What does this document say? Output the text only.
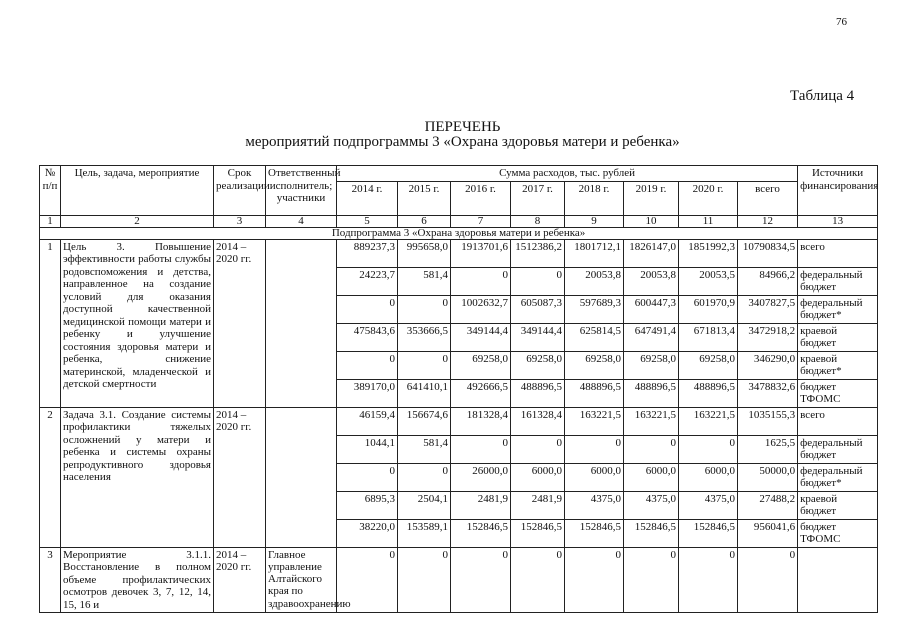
76
Таблица 4
ПЕРЕЧЕНЬ
мероприятий подпрограммы 3 «Охрана здоровья матери и ребенка»
№ п/п	Цель, задача, мероприятие	Срок реализации	Ответственный исполнитель; участники	Сумма расходов, тыс. рублей								Источники финансирования
				2014 г.	2015 г.	2016 г.	2017 г.	2018 г.	2019 г.	2020 г.	всего	
1	2	3	4	5	6	7	8	9	10	11	12	13
Подпрограмма 3 «Охрана здоровья матери и ребенка»												
1	Цель 3. Повышение эффективности работы службы родовспоможения и детства, направленное на создание условий для оказания доступной качественной медицинской помощи матери и ребенку и улучшение состояния здоровья матери и ребенка, снижение материнской, младенческой и детской смертности	2014 – 2020 гг.		889237,3	995658,0	1913701,6	1512386,2	1801712,1	1826147,0	1851992,3	10790834,5	всего
				24223,7	581,4	0	0	20053,8	20053,8	20053,5	84966,2	федеральный бюджет
				0	0	1002632,7	605087,3	597689,3	600447,3	601970,9	3407827,5	федеральный бюджет*
				475843,6	353666,5	349144,4	349144,4	625814,5	647491,4	671813,4	3472918,2	краевой бюджет
				0	0	69258,0	69258,0	69258,0	69258,0	69258,0	346290,0	краевой бюджет*
				389170,0	641410,1	492666,5	488896,5	488896,5	488896,5	488896,5	3478832,6	бюджет ТФОМС
2	Задача 3.1. Создание системы профилактики тяжелых осложнений у матери и ребенка и системы охраны репродуктивного здоровья населения	2014 – 2020 гг.		46159,4	156674,6	181328,4	161328,4	163221,5	163221,5	163221,5	1035155,3	всего
				1044,1	581,4	0	0	0	0	0	1625,5	федеральный бюджет
				0	0	26000,0	6000,0	6000,0	6000,0	6000,0	50000,0	федеральный бюджет*
				6895,3	2504,1	2481,9	2481,9	4375,0	4375,0	4375,0	27488,2	краевой бюджет
				38220,0	153589,1	152846,5	152846,5	152846,5	152846,5	152846,5	956041,6	бюджет ТФОМС
3	Мероприятие 3.1.1. Восстановление в полном объеме профилактических осмотров девочек 3, 7, 12, 14, 15, 16 и	2014 – 2020 гг.	Главное управление Алтайского края по здравоохранению	0	0	0	0	0	0	0	0	
